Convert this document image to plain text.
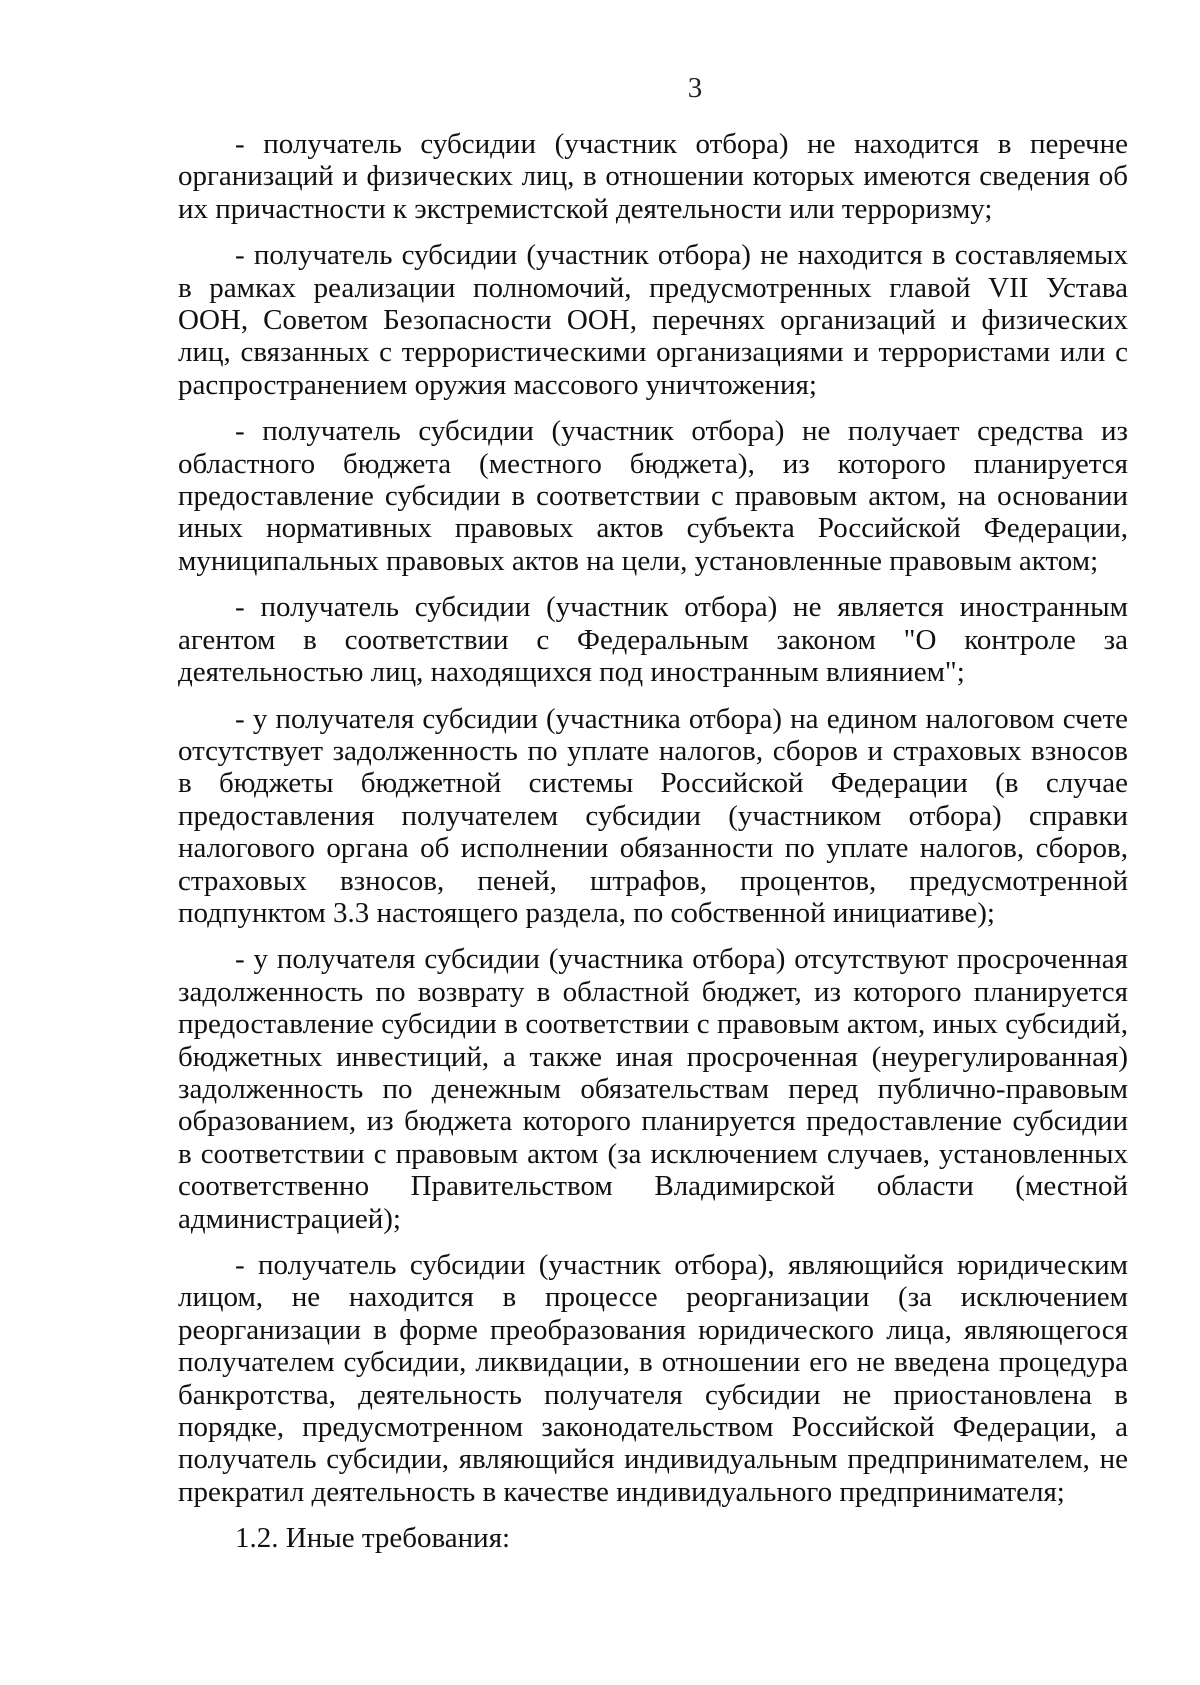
3

- получатель субсидии (участник отбора) не находится в перечне организаций и физических лиц, в отношении которых имеются сведения об их причастности к экстремистской деятельности или терроризму;

- получатель субсидии (участник отбора) не находится в составляемых в рамках реализации полномочий, предусмотренных главой VII Устава ООН, Советом Безопасности ООН, перечнях организаций и физических лиц, связанных с террористическими организациями и террористами или с распространением оружия массового уничтожения;

- получатель субсидии (участник отбора) не получает средства из областного бюджета (местного бюджета), из которого планируется предоставление субсидии в соответствии с правовым актом, на основании иных нормативных правовых актов субъекта Российской Федерации, муниципальных правовых актов на цели, установленные правовым актом;

- получатель субсидии (участник отбора) не является иностранным агентом в соответствии с Федеральным законом "О контроле за деятельностью лиц, находящихся под иностранным влиянием";

- у получателя субсидии (участника отбора) на едином налоговом счете отсутствует задолженность по уплате налогов, сборов и страховых взносов в бюджеты бюджетной системы Российской Федерации (в случае предоставления получателем субсидии (участником отбора) справки налогового органа об исполнении обязанности по уплате налогов, сборов, страховых взносов, пеней, штрафов, процентов, предусмотренной подпунктом 3.3 настоящего раздела, по собственной инициативе);

- у получателя субсидии (участника отбора) отсутствуют просроченная задолженность по возврату в областной бюджет, из которого планируется предоставление субсидии в соответствии с правовым актом, иных субсидий, бюджетных инвестиций, а также иная просроченная (неурегулированная) задолженность по денежным обязательствам перед публично-правовым образованием, из бюджета которого планируется предоставление субсидии в соответствии с правовым актом (за исключением случаев, установленных соответственно Правительством Владимирской области (местной администрацией);

- получатель субсидии (участник отбора), являющийся юридическим лицом, не находится в процессе реорганизации (за исключением реорганизации в форме преобразования юридического лица, являющегося получателем субсидии, ликвидации, в отношении его не введена процедура банкротства, деятельность получателя субсидии не приостановлена в порядке, предусмотренном законодательством Российской Федерации, а получатель субсидии, являющийся индивидуальным предпринимателем, не прекратил деятельность в качестве индивидуального предпринимателя;

1.2. Иные требования:
